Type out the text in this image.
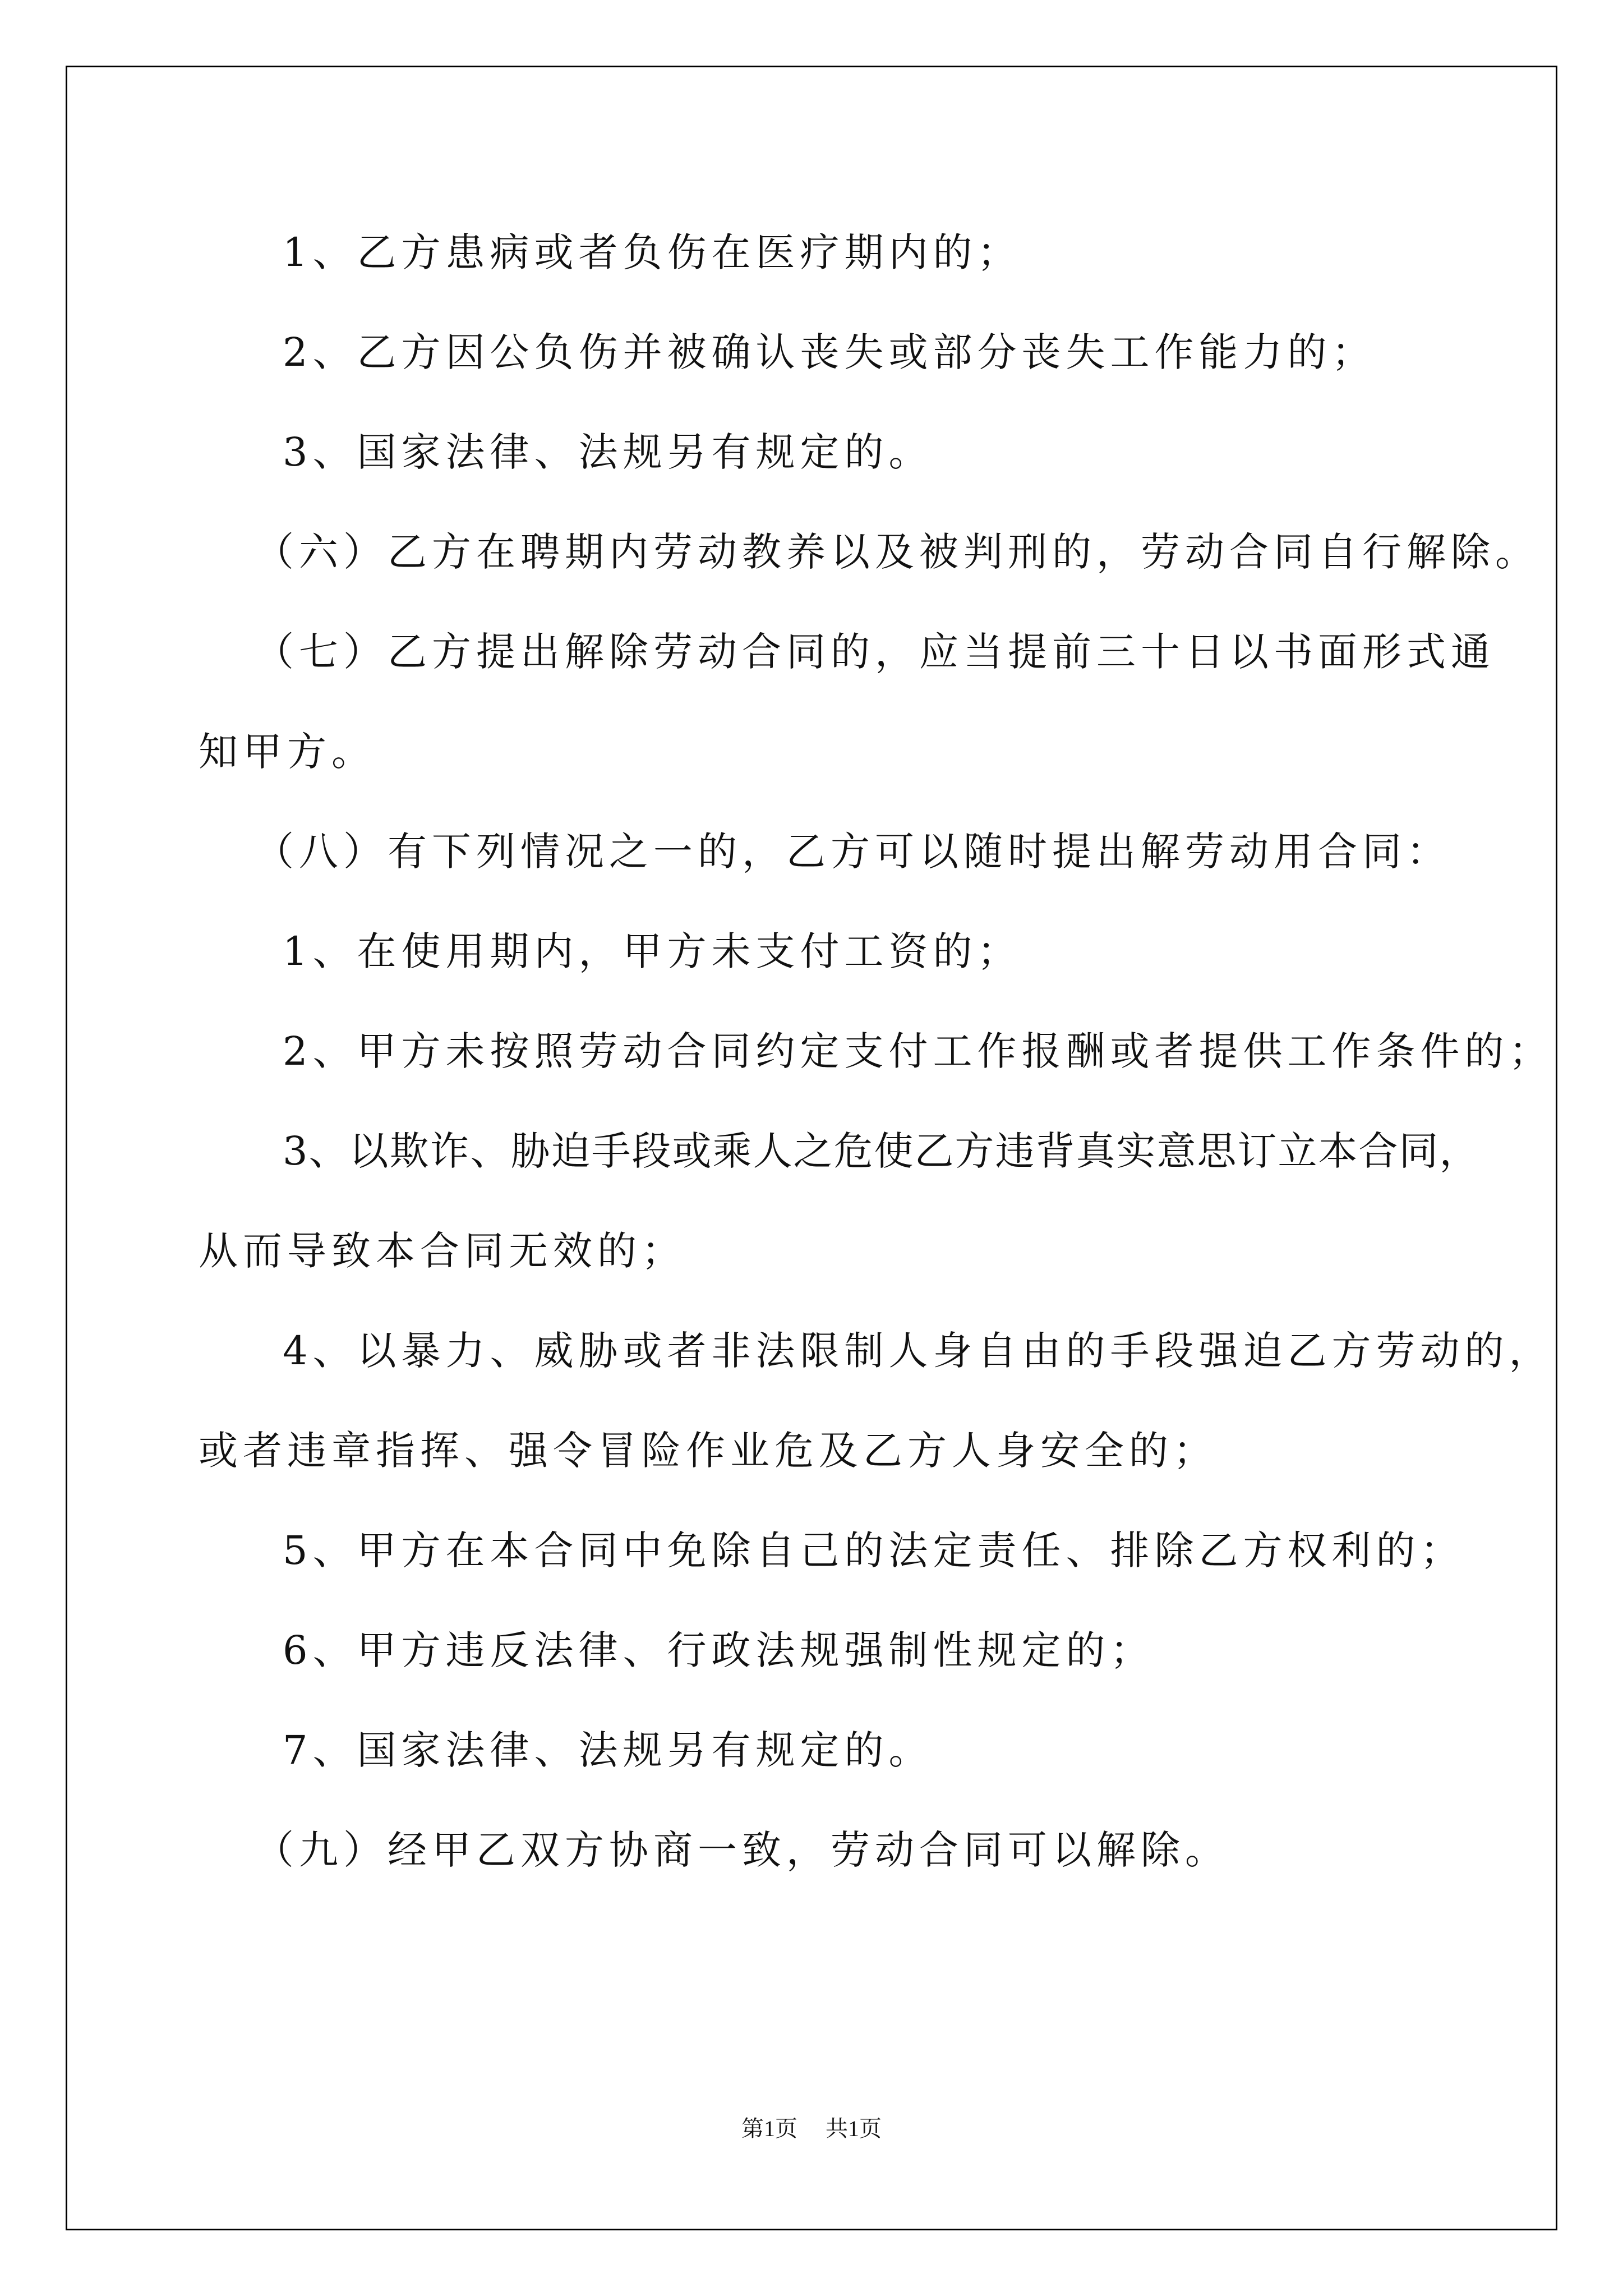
1、乙方患病或者负伤在医疗期内的；
2、乙方因公负伤并被确认丧失或部分丧失工作能力的；
3、国家法律、法规另有规定的。
（六）乙方在聘期内劳动教养以及被判刑的，劳动合同自行解除。
（七）乙方提出解除劳动合同的，应当提前三十日以书面形式通
知甲方。
（八）有下列情况之一的，乙方可以随时提出解劳动用合同：
1、在使用期内，甲方未支付工资的；
2、甲方未按照劳动合同约定支付工作报酬或者提供工作条件的；
3、以欺诈、胁迫手段或乘人之危使乙方违背真实意思订立本合同，
从而导致本合同无效的；
4、以暴力、威胁或者非法限制人身自由的手段强迫乙方劳动的，
或者违章指挥、强令冒险作业危及乙方人身安全的；
5、甲方在本合同中免除自己的法定责任、排除乙方权利的；
6、甲方违反法律、行政法规强制性规定的；
7、国家法律、法规另有规定的。
（九）经甲乙双方协商一致，劳动合同可以解除。
第1页 共1页
